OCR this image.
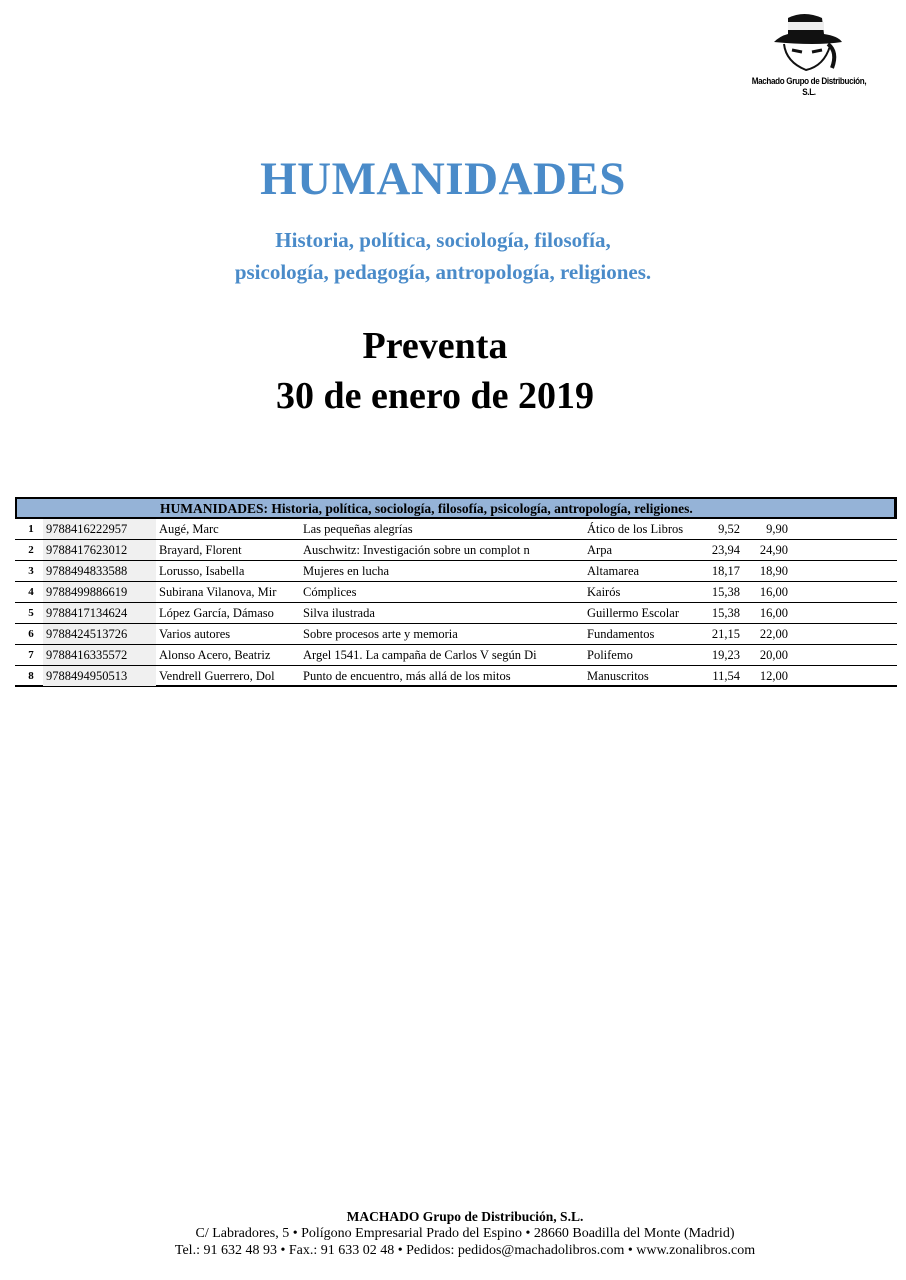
Machado Grupo de Distribución, S.L.
HUMANIDADES
Historia, política, sociología, filosofía,
psicología, pedagogía, antropología, religiones.
Preventa
30 de enero de 2019
HUMANIDADES: Historia, política, sociología, filosofía, psicología, antropología, religiones.
1 9788416222957	Augé, Marc	Las pequeñas alegrías	Ático de los Libros	9,52	9,90
2 9788417623012	Brayard, Florent	Auschwitz: Investigación sobre un complot n	Arpa	23,94	24,90
3 9788494833588	Lorusso, Isabella	Mujeres en lucha	Altamarea	18,17	18,90
4 9788499886619	Subirana Vilanova, Mir	Cómplices	Kairós	15,38	16,00
5 9788417134624	López García, Dámaso	Silva ilustrada	Guillermo Escolar	15,38	16,00
6 9788424513726	Varios autores	Sobre procesos arte y memoria	Fundamentos	21,15	22,00
7 9788416335572	Alonso Acero, Beatriz	Argel 1541. La campaña de Carlos V según Di	Polifemo	19,23	20,00
8 9788494950513	Vendrell Guerrero, Dol	Punto de encuentro, más allá de los mitos	Manuscritos	11,54	12,00
MACHADO Grupo de Distribución, S.L.
C/ Labradores, 5 • Polígono Empresarial Prado del Espino • 28660 Boadilla del Monte (Madrid)
Tel.: 91 632 48 93 • Fax.: 91 633 02 48 • Pedidos: pedidos@machadolibros.com • www.zonalibros.com
